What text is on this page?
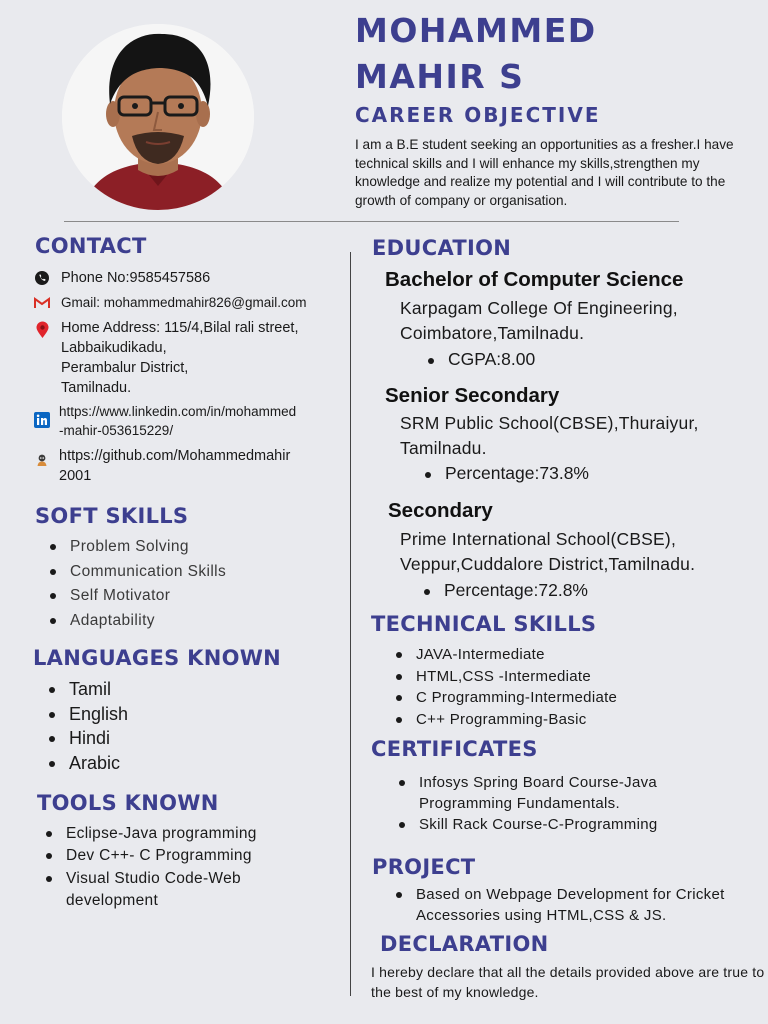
MOHAMMED
MAHIR S
CAREER OBJECTIVE
I am a B.E student seeking an opportunities as a fresher.I have technical skills and I will enhance my skills,strengthen my knowledge and realize my potential and I will contribute to the growth of company or organisation.
CONTACT
Phone No:9585457586
Gmail: mohammedmahir826@gmail.com
Home Address: 115/4,Bilal rali street,
Labbaikudikadu,
Perambalur District,
Tamilnadu.
https://www.linkedin.com/in/mohammed
-mahir-053615229/
https://github.com/Mohammedmahir
2001
SOFT SKILLS
Problem Solving
Communication Skills
Self Motivator
Adaptability
LANGUAGES KNOWN
Tamil
English
Hindi
Arabic
TOOLS KNOWN
Eclipse-Java programming
Dev C++- C Programming
Visual Studio Code-Web development
EDUCATION
Bachelor of Computer Science
Karpagam College Of Engineering,
Coimbatore,Tamilnadu.
CGPA:8.00
Senior Secondary
SRM Public School(CBSE),Thuraiyur,
Tamilnadu.
Percentage:73.8%
Secondary
Prime International School(CBSE),
Veppur,Cuddalore District,Tamilnadu.
Percentage:72.8%
TECHNICAL SKILLS
JAVA-Intermediate
HTML,CSS -Intermediate
C Programming-Intermediate
C++ Programming-Basic
CERTIFICATES
Infosys Spring Board Course-Java Programming Fundamentals.
Skill Rack Course-C-Programming
PROJECT
Based on Webpage Development for Cricket Accessories using HTML,CSS & JS.
DECLARATION
I hereby declare that all the details provided above are true to the best of my knowledge.
